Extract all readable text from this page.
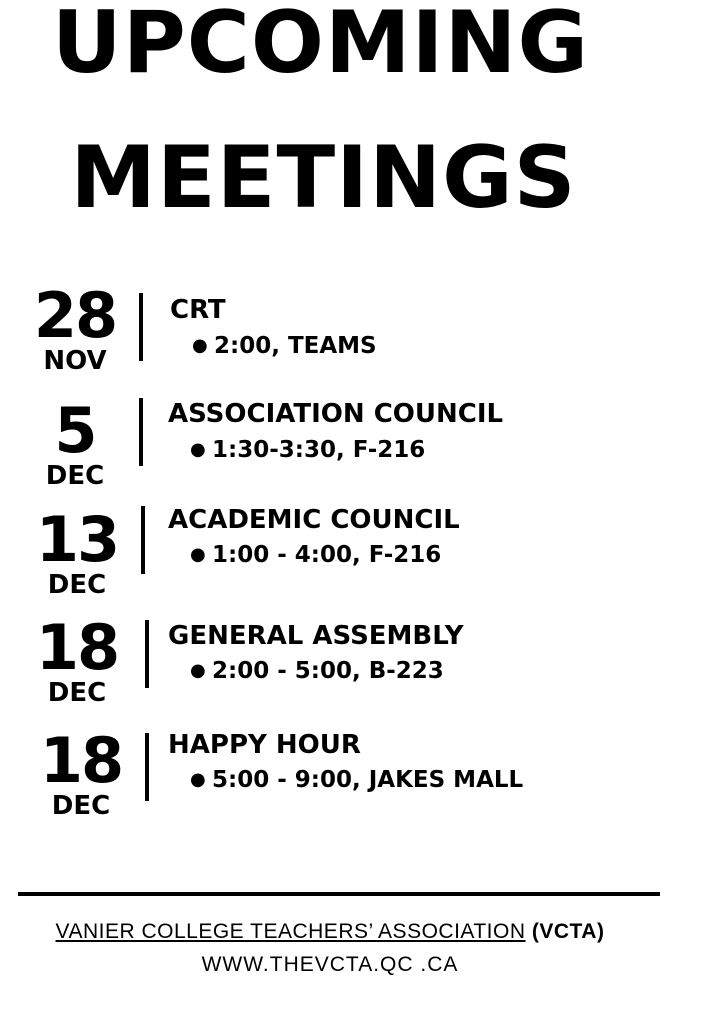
UPCOMING
MEETINGS
28
NOV
CRT
● 2:00, TEAMS
5
DEC
ASSOCIATION COUNCIL
● 1:30-3:30, F-216
13
DEC
ACADEMIC COUNCIL
● 1:00 - 4:00, F-216
18
DEC
GENERAL ASSEMBLY
● 2:00 - 5:00, B-223
18
DEC
HAPPY HOUR
● 5:00 - 9:00, JAKES MALL
VANIER COLLEGE TEACHERS’ ASSOCIATION (VCTA)
WWW.THEVCTA.QC .CA
